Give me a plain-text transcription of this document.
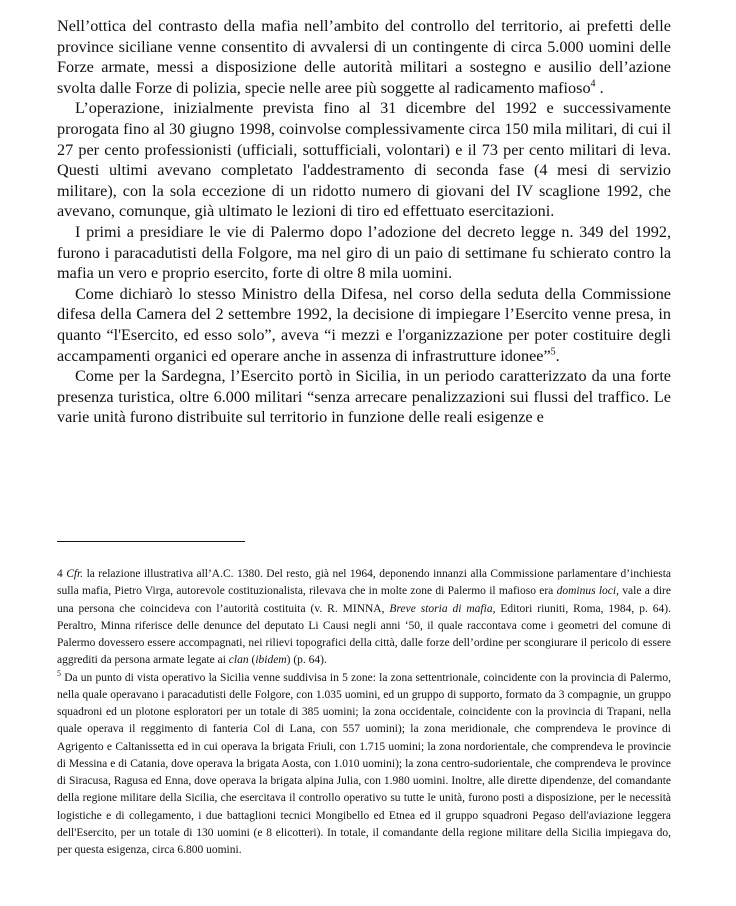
Nell’ottica del contrasto della mafia nell’ambito del controllo del territorio, ai prefetti delle province siciliane venne consentito di avvalersi di un contingente di circa 5.000 uomini delle Forze armate, messi a disposizione delle autorità militari a sostegno e ausilio dell’azione svolta dalle Forze di polizia, specie nelle aree più soggette al radicamento mafioso$^4$ .

L’operazione, inizialmente prevista fino al 31 dicembre del 1992 e successivamente prorogata fino al 30 giugno 1998, coinvolse complessivamente circa 150 mila militari, di cui il 27 per cento professionisti (ufficiali, sottufficiali, volontari) e il 73 per cento militari di leva. Questi ultimi avevano completato l'addestramento di seconda fase (4 mesi di servizio militare), con la sola eccezione di un ridotto numero di giovani del IV scaglione 1992, che avevano, comunque, già ultimato le lezioni di tiro ed effettuato esercitazioni.

I primi a presidiare le vie di Palermo dopo l’adozione del decreto legge n. 349 del 1992, furono i paracadutisti della Folgore, ma nel giro di un paio di settimane fu schierato contro la mafia un vero e proprio esercito, forte di oltre 8 mila uomini.

Come dichiarò lo stesso Ministro della Difesa, nel corso della seduta della Commissione difesa della Camera del 2 settembre 1992, la decisione di impiegare l’Esercito venne presa, in quanto “l'Esercito, ed esso solo”, aveva “i mezzi e l'organizzazione per poter costituire degli accampamenti organici ed operare anche in assenza di infrastrutture idonee”$^5$.

Come per la Sardegna, l’Esercito portò in Sicilia, in un periodo caratterizzato da una forte presenza turistica, oltre 6.000 militari “senza arrecare penalizzazioni sui flussi del traffico. Le varie unità furono distribuite sul territorio in funzione delle reali esigenze e

4 Cfr. la relazione illustrativa all’A.C. 1380. Del resto, già nel 1964, deponendo innanzi alla Commissione parlamentare d’inchiesta sulla mafia, Pietro Virga, autorevole costituzionalista, rilevava che in molte zone di Palermo il mafioso era dominus loci, vale a dire una persona che coincideva con l’autorità costituita (v. R. MINNA, Breve storia di mafia, Editori riuniti, Roma, 1984, p. 64). Peraltro, Minna riferisce delle denunce del deputato Li Causi negli anni ‘50, il quale raccontava come i geometri del comune di Palermo dovessero essere accompagnati, nei rilievi topografici della città, dalle forze dell’ordine per scongiurare il pericolo di essere aggrediti da persona armate legate ai clan (ibidem) (p. 64).

$^5$ Da un punto di vista operativo la Sicilia venne suddivisa in 5 zone: la zona settentrionale, coincidente con la provincia di Palermo, nella quale operavano i paracadutisti delle Folgore, con 1.035 uomini, ed un gruppo di supporto, formato da 3 compagnie, un gruppo squadroni ed un plotone esploratori per un totale di 385 uomini; la zona occidentale, coincidente con la provincia di Trapani, nella quale operava il reggimento di fanteria Col di Lana, con 557 uomini); la zona meridionale, che comprendeva le province di Agrigento e Caltanissetta ed in cui operava la brigata Friuli, con 1.715 uomini; la zona nordorientale, che comprendeva le provincie di Messina e di Catania, dove operava la brigata Aosta, con 1.010 uomini); la zona centro-sudorientale, che comprendeva le province di Siracusa, Ragusa ed Enna, dove operava la brigata alpina Julia, con 1.980 uomini. Inoltre, alle dirette dipendenze, del comandante della regione militare della Sicilia, che esercitava il controllo operativo su tutte le unità, furono posti a disposizione, per le necessità logistiche e di collegamento, i due battaglioni tecnici Mongibello ed Etnea ed il gruppo squadroni Pegaso dell'aviazione leggera dell'Esercito, per un totale di 130 uomini (e 8 elicotteri). In totale, il comandante della regione militare della Sicilia impiegava do, per questa esigenza, circa 6.800 uomini.
